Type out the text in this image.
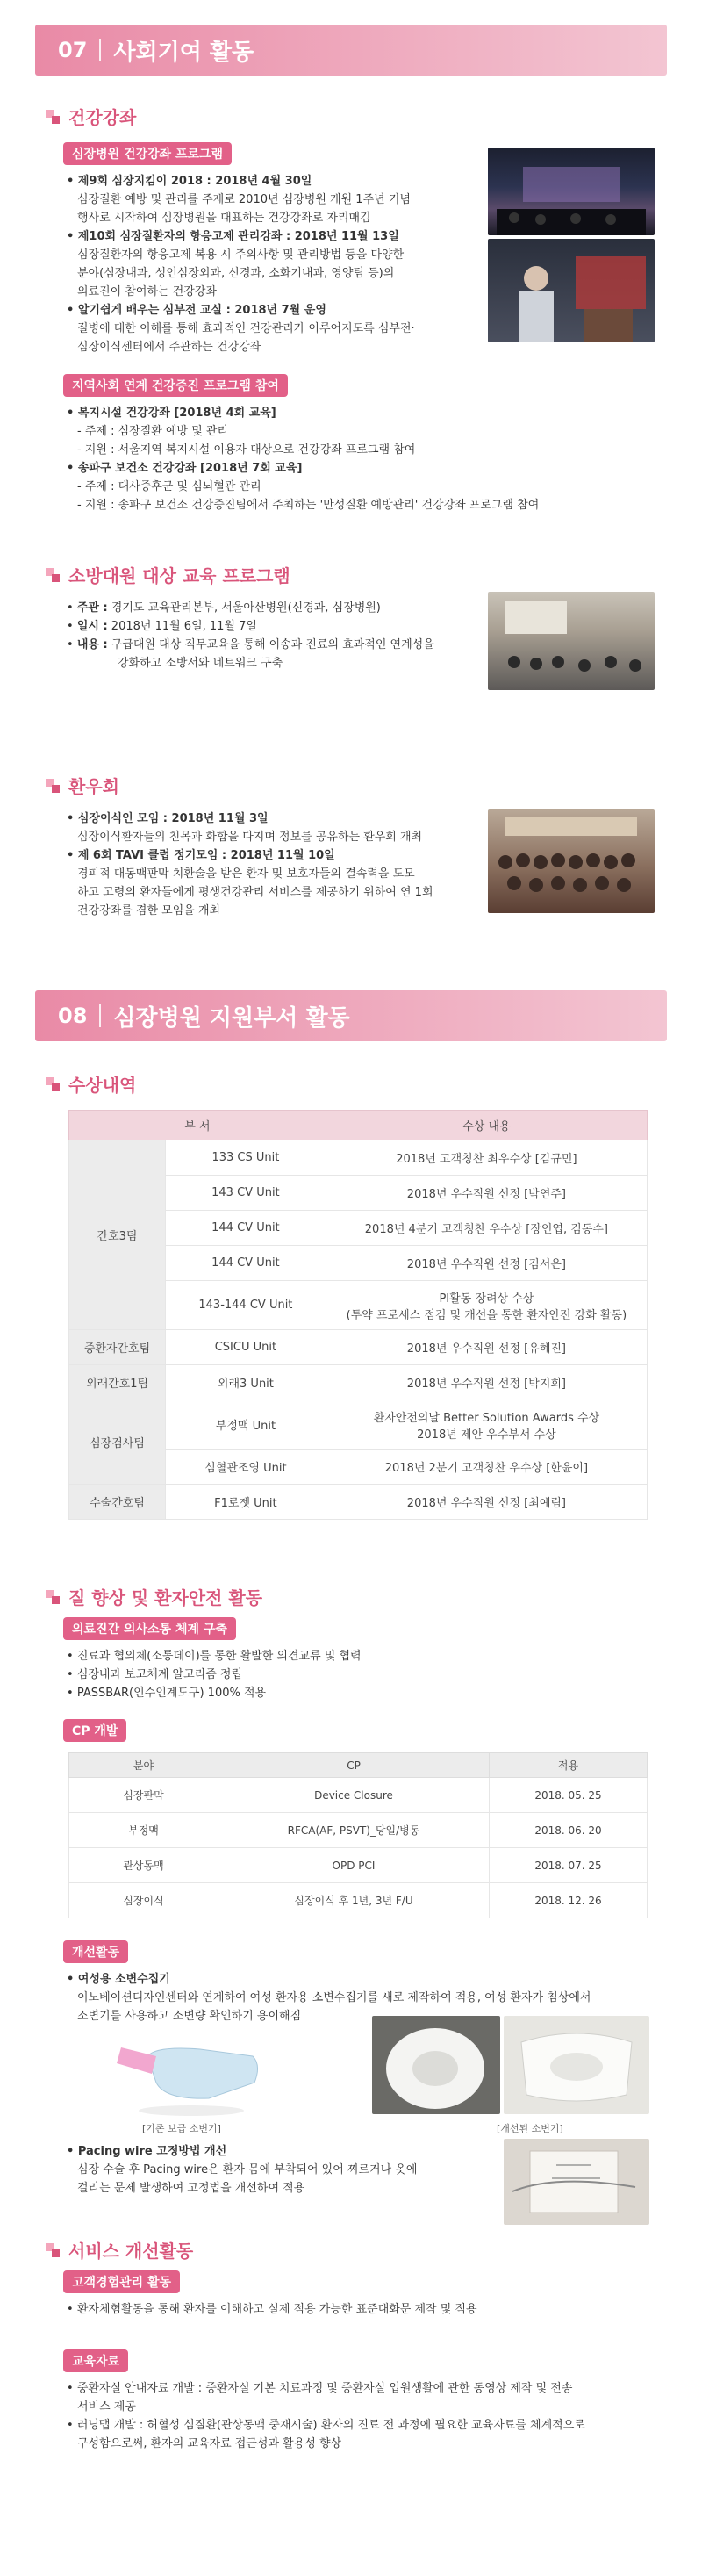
07 사회기여 활동
건강강좌
심장병원 건강강좌 프로그램
• 제9회 심장지킴이 2018 : 2018년 4월 30일
심장질환 예방 및 관리를 주제로 2010년 심장병원 개원 1주년 기념
행사로 시작하여 심장병원을 대표하는 건강강좌로 자리매김
• 제10회 심장질환자의 항응고제 관리강좌 : 2018년 11월 13일
심장질환자의 항응고제 복용 시 주의사항 및 관리방법 등을 다양한
분야(심장내과, 성인심장외과, 신경과, 소화기내과, 영양팀 등)의
의료진이 참여하는 건강강좌
• 알기쉽게 배우는 심부전 교실 : 2018년 7월 운영
질병에 대한 이해를 통해 효과적인 건강관리가 이루어지도록 심부전·
심장이식센터에서 주관하는 건강강좌
지역사회 연계 건강증진 프로그램 참여
• 복지시설 건강강좌 [2018년 4회 교육]
- 주제 : 심장질환 예방 및 관리
- 지원 : 서울지역 복지시설 이용자 대상으로 건강강좌 프로그램 참여
• 송파구 보건소 건강강좌 [2018년 7회 교육]
- 주제 : 대사증후군 및 심뇌혈관 관리
- 지원 : 송파구 보건소 건강증진팀에서 주최하는 '만성질환 예방관리' 건강강좌 프로그램 참여
소방대원 대상 교육 프로그램
• 주관 : 경기도 교육관리본부, 서울아산병원(신경과, 심장병원)
• 일시 : 2018년 11월 6일, 11월 7일
• 내용 : 구급대원 대상 직무교육을 통해 이송과 진료의 효과적인 연계성을
강화하고 소방서와 네트워크 구축
환우회
• 심장이식인 모임 : 2018년 11월 3일
심장이식환자들의 친목과 화합을 다지며 정보를 공유하는 환우회 개최
• 제 6회 TAVI 클럽 정기모임 : 2018년 11월 10일
경피적 대동맥판막 치환술을 받은 환자 및 보호자들의 결속력을 도모
하고 고령의 환자들에게 평생건강관리 서비스를 제공하기 위하여 연 1회
건강강좌를 겸한 모임을 개최
08 심장병원 지원부서 활동
수상내역
부 서		수상 내용
간호3팀	133 CS Unit	2018년 고객칭찬 최우수상 [김규민]
	143 CV Unit	2018년 우수직원 선정 [박연주]
	144 CV Unit	2018년 4분기 고객칭찬 우수상 [장인엽, 김동수]
	144 CV Unit	2018년 우수직원 선정 [김서은]
	143-144 CV Unit	PI활동 장려상 수상
(투약 프로세스 점검 및 개선을 통한 환자안전 강화 활동)

중환자간호팀	CSICU Unit	2018년 우수직원 선정 [유혜진]
외래간호1팀	외래3 Unit	2018년 우수직원 선정 [박지희]
심장검사팀	부정맥 Unit	환자안전의날 Better Solution Awards 수상
2018년 제안 우수부서 수상

	심혈관조영 Unit	2018년 2분기 고객칭찬 우수상 [한윤이]
수술간호팀	F1로젯 Unit	2018년 우수직원 선정 [최예림]
질 향상 및 환자안전 활동
의료진간 의사소통 체계 구축
• 진료과 협의체(소통데이)를 통한 활발한 의견교류 및 협력
• 심장내과 보고체계 알고리즘 정립
• PASSBAR(인수인계도구) 100% 적용
CP 개발
분야	CP	적용
심장판막	Device Closure	2018. 05. 25
부정맥	RFCA(AF, PSVT)_당일/병동	2018. 06. 20
관상동맥	OPD PCI	2018. 07. 25
심장이식	심장이식 후 1년, 3년 F/U	2018. 12. 26
개선활동
• 여성용 소변수집기
이노베이션디자인센터와 연계하여 여성 환자용 소변수집기를 새로 제작하여 적용, 여성 환자가 침상에서
소변기를 사용하고 소변량 확인하기 용이해짐
[기존 보급 소변기]	[개선된 소변기]
• Pacing wire 고정방법 개선
심장 수술 후 Pacing wire은 환자 몸에 부착되어 있어 찌르거나 옷에
걸리는 문제 발생하여 고정법을 개선하여 적용
서비스 개선활동
고객경험관리 활동
• 환자체험활동을 통해 환자를 이해하고 실제 적용 가능한 표준대화문 제작 및 적용
교육자료
• 중환자실 안내자료 개발 : 중환자실 기본 치료과정 및 중환자실 입원생활에 관한 동영상 제작 및 전송
서비스 제공
• 러닝맵 개발 : 허혈성 심질환(관상동맥 중재시술) 환자의 진료 전 과정에 필요한 교육자료를 체계적으로
구성함으로써, 환자의 교육자료 접근성과 활용성 향상
